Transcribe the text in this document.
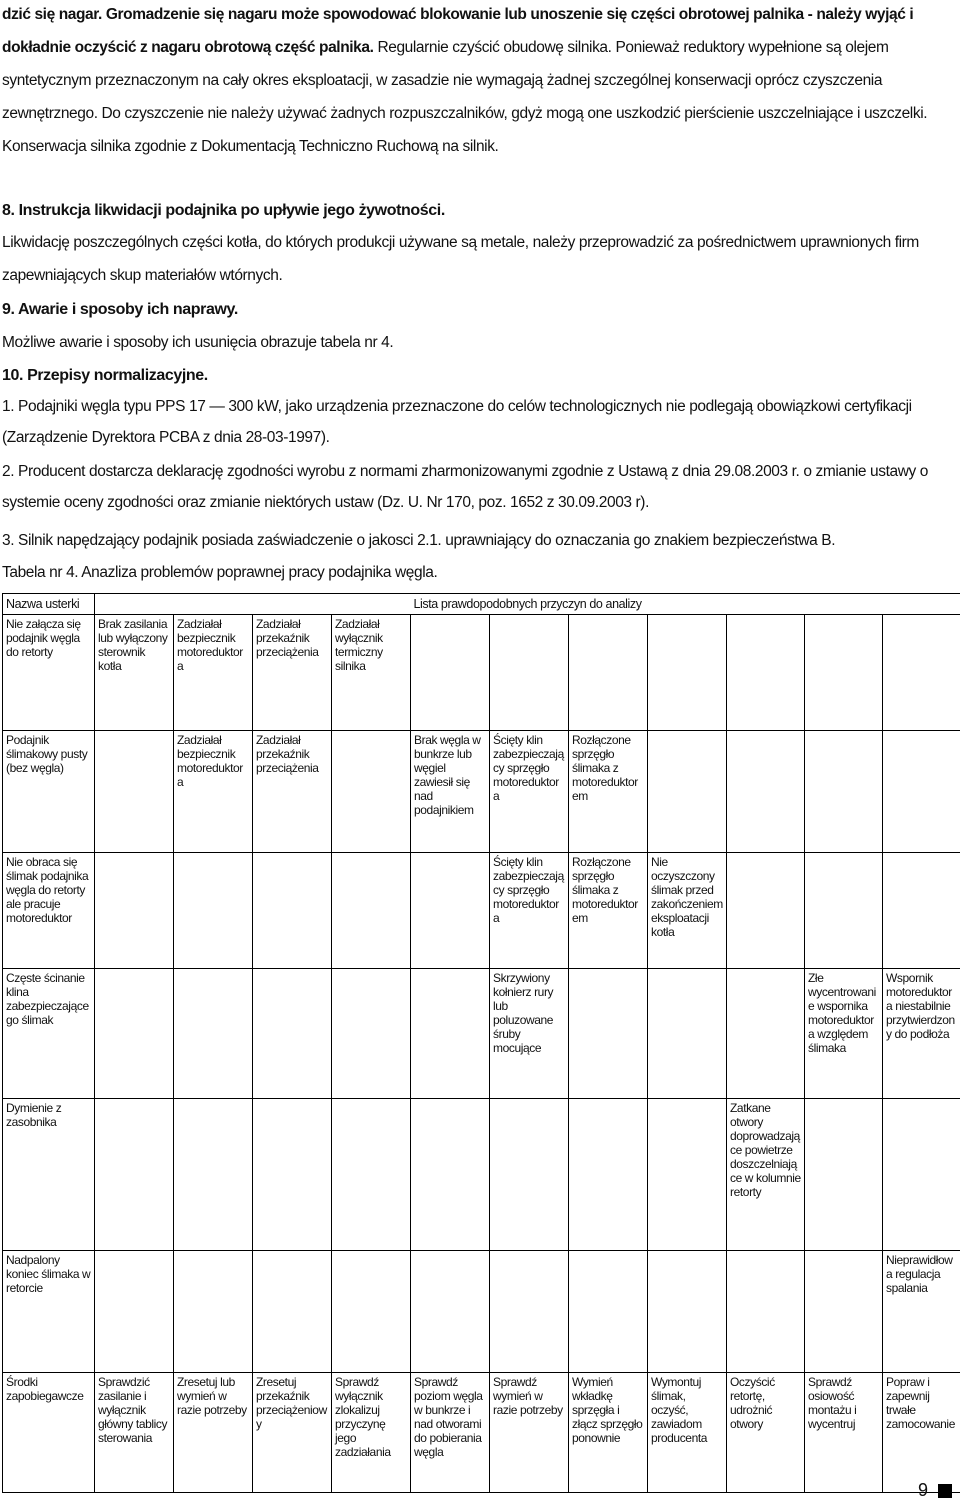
dzić się nagar. Gromadzenie się nagaru może spowodować blokowanie lub unoszenie się części obrotowej palnika - należy wyjąć i dokładnie oczyścić z nagaru obrotową część palnika. Regularnie czyścić obudowę silnika. Ponieważ reduktory wypełnione są olejem syntetycznym przeznaczonym na cały okres eksploatacji, w zasadzie nie wymagają żadnej szczególnej konserwacji oprócz czyszczenia zewnętrznego. Do czyszczenie nie należy używać żadnych rozpuszczalników, gdyż mogą one uszkodzić pierścienie uszczelniające i uszczelki. Konserwacja silnika zgodnie z Dokumentacją Techniczno Ruchową na silnik.
8. Instrukcja likwidacji podajnika po upływie jego żywotności.
Likwidację poszczególnych części kotła, do których produkcji używane są metale, należy przeprowadzić za pośrednictwem uprawnionych firm zapewniających skup materiałów wtórnych.
9. Awarie i sposoby ich naprawy.
Możliwe awarie i sposoby ich usunięcia obrazuje tabela nr 4.
10. Przepisy normalizacyjne.
1. Podajniki węgla typu PPS 17 — 300 kW, jako urządzenia przeznaczone do celów technologicznych nie podlegają obowiązkowi certyfikacji (Zarządzenie Dyrektora PCBA z dnia 28-03-1997).
2. Producent dostarcza deklarację zgodności wyrobu z normami zharmonizowanymi zgodnie z Ustawą z dnia 29.08.2003 r. o zmianie ustawy o systemie oceny zgodności oraz zmianie niektórych ustaw (Dz. U. Nr 170, poz. 1652 z 30.09.2003 r).
3. Silnik napędzający podajnik posiada zaświadczenie o jakosci 2.1. uprawniający do oznaczania go znakiem bezpieczeństwa B.
Tabela nr 4. Anazliza problemów poprawnej pracy podajnika węgla.
Nazwa usterki	Lista prawdopodobnych przyczyn do analizy										
Nie załącza się podajnik węgla do retorty	Brak zasilania lub wyłączony sterownik kotła	Zadziałał bezpiecznik motoreduktora	Zadziałał przekaźnik przeciążenia	Zadziałał wyłącznik termiczny silnika							
Podajnik ślimakowy pusty (bez węgla)		Zadziałał bezpiecznik motoreduktora	Zadziałał przekaźnik przeciążenia		Brak węgla w bunkrze lub węgiel zawiesił się nad podajnikiem	Ścięty klin zabezpieczający sprzęgło motoreduktora	Rozłączone sprzęgło ślimaka z motoreduktorem				
Nie obraca się ślimak podajnika węgla do retorty ale pracuje motoreduktor						Ścięty klin zabezpieczający sprzęgło motoreduktora	Rozłączone sprzęgło ślimaka z motoreduktorem	Nie oczyszczony ślimak przed zakończeniem eksploatacji kotła			
Częste ścinanie klina zabezpieczającego ślimak						Skrzywiony kołnierz rury lub poluzowane śruby mocujące				Złe wycentrowanie wspornika motoreduktora względem ślimaka	Wspornik motoreduktora niestabilnie przytwierdzony do podłoża
Dymienie z zasobnika									Zatkane otwory doprowadzające powietrze doszczelniające w kolumnie retorty		
Nadpalony koniec ślimaka w retorcie											Nieprawidłowa regulacja spalania
Środki zapobiegawcze	Sprawdzić zasilanie i wyłącznik główny tablicy sterowania	Zresetuj lub wymień w razie potrzeby	Zresetuj przekaźnik przeciążeniowy	Sprawdź wyłącznik zlokalizuj przyczynę jego zadziałania	Sprawdź poziom węgla w bunkrze i nad otworami do pobierania węgla	Sprawdź wymień w razie potrzeby	Wymień wkładkę sprzęgła i złącz sprzęgło ponownie	Wymontuj ślimak, oczyść, zawiadom producenta	Oczyścić retortę, udrożnić otwory	Sprawdź osiowość montażu i wycentruj	Popraw i zapewnij trwałe zamocowanie
9
